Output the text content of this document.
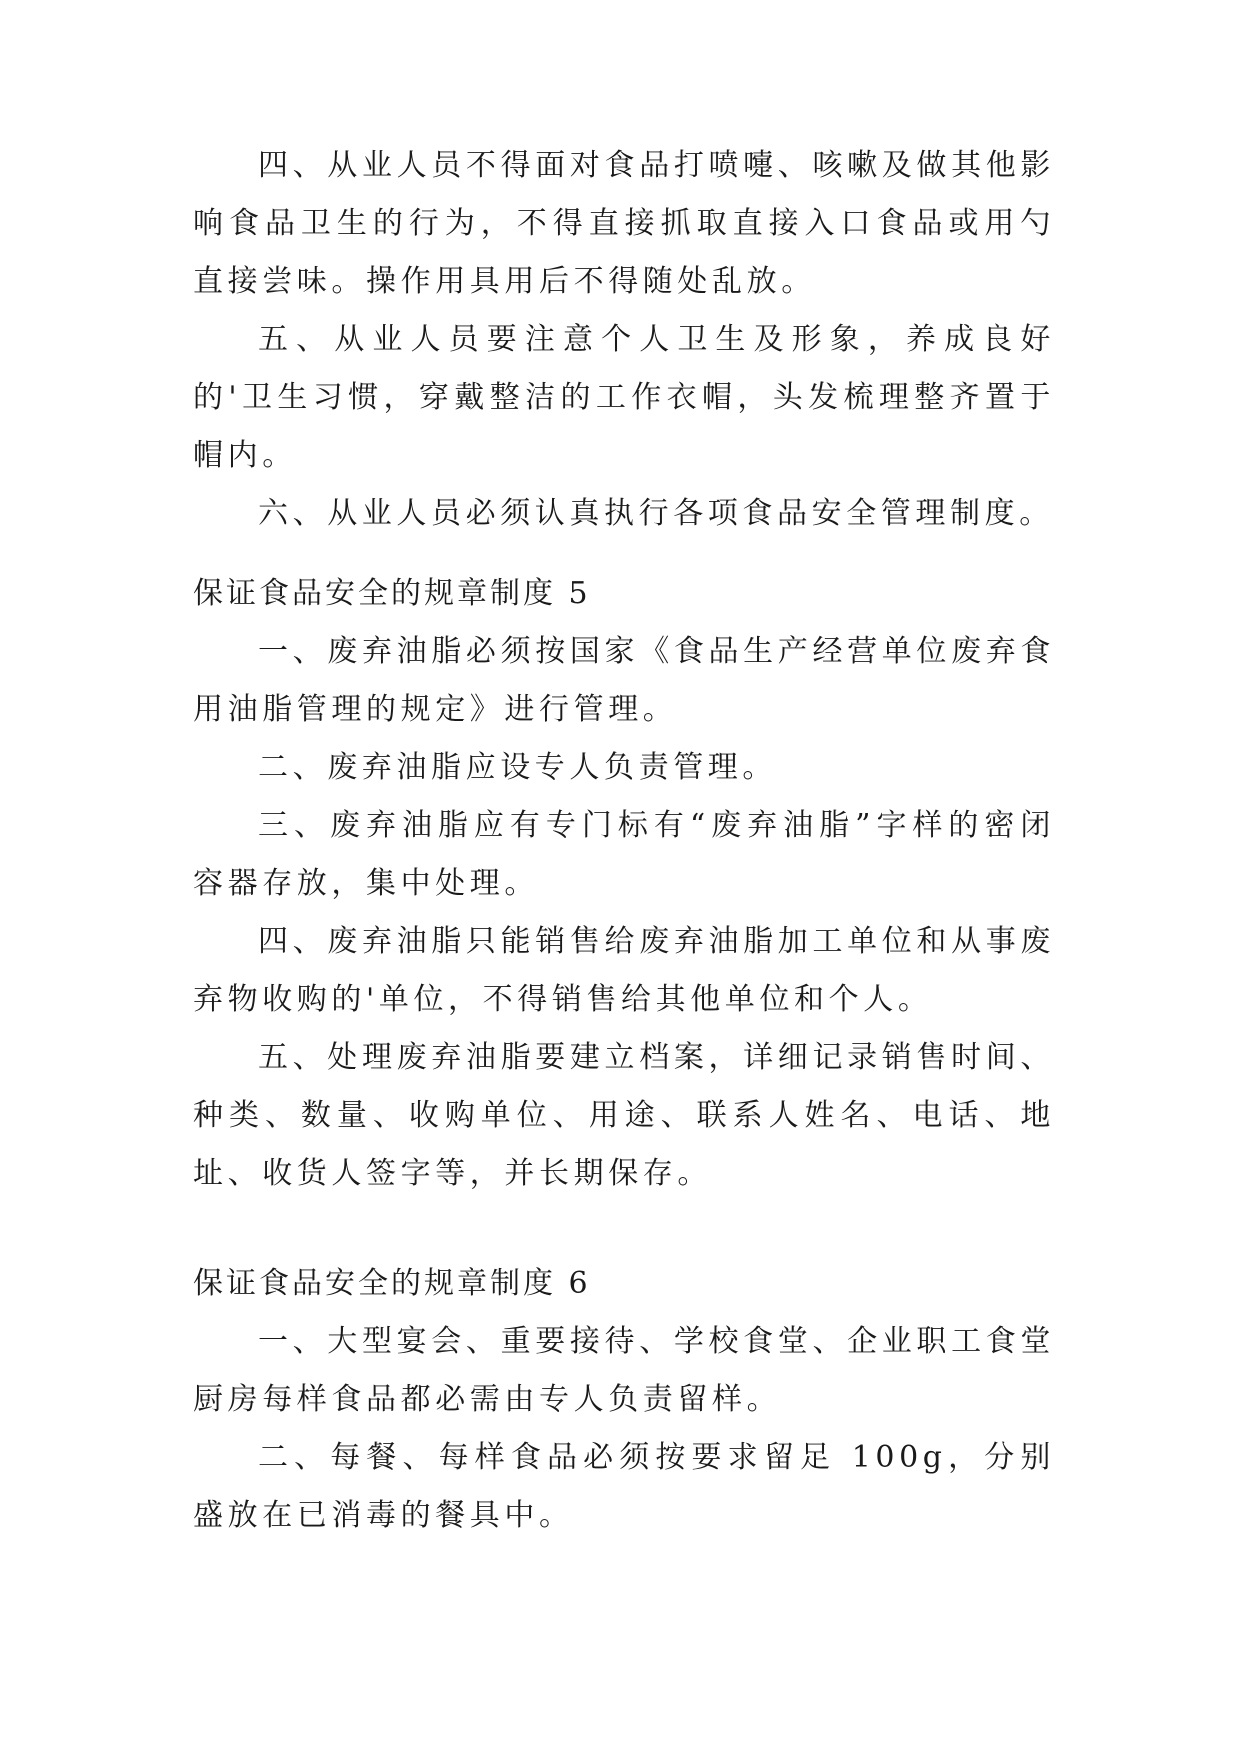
四、从业人员不得面对食品打喷嚏、咳嗽及做其他影响食品卫生的行为，不得直接抓取直接入口食品或用勺直接尝味。操作用具用后不得随处乱放。

五、从业人员要注意个人卫生及形象，养成良好的'卫生习惯，穿戴整洁的工作衣帽，头发梳理整齐置于帽内。

六、从业人员必须认真执行各项食品安全管理制度。

保证食品安全的规章制度 5

一、废弃油脂必须按国家《食品生产经营单位废弃食用油脂管理的规定》进行管理。

二、废弃油脂应设专人负责管理。

三、废弃油脂应有专门标有“废弃油脂”字样的密闭容器存放，集中处理。

四、废弃油脂只能销售给废弃油脂加工单位和从事废弃物收购的'单位，不得销售给其他单位和个人。

五、处理废弃油脂要建立档案，详细记录销售时间、种类、数量、收购单位、用途、联系人姓名、电话、地址、收货人签字等，并长期保存。

保证食品安全的规章制度 6

一、大型宴会、重要接待、学校食堂、企业职工食堂厨房每样食品都必需由专人负责留样。

二、每餐、每样食品必须按要求留足 100g，分别盛放在已消毒的餐具中。
